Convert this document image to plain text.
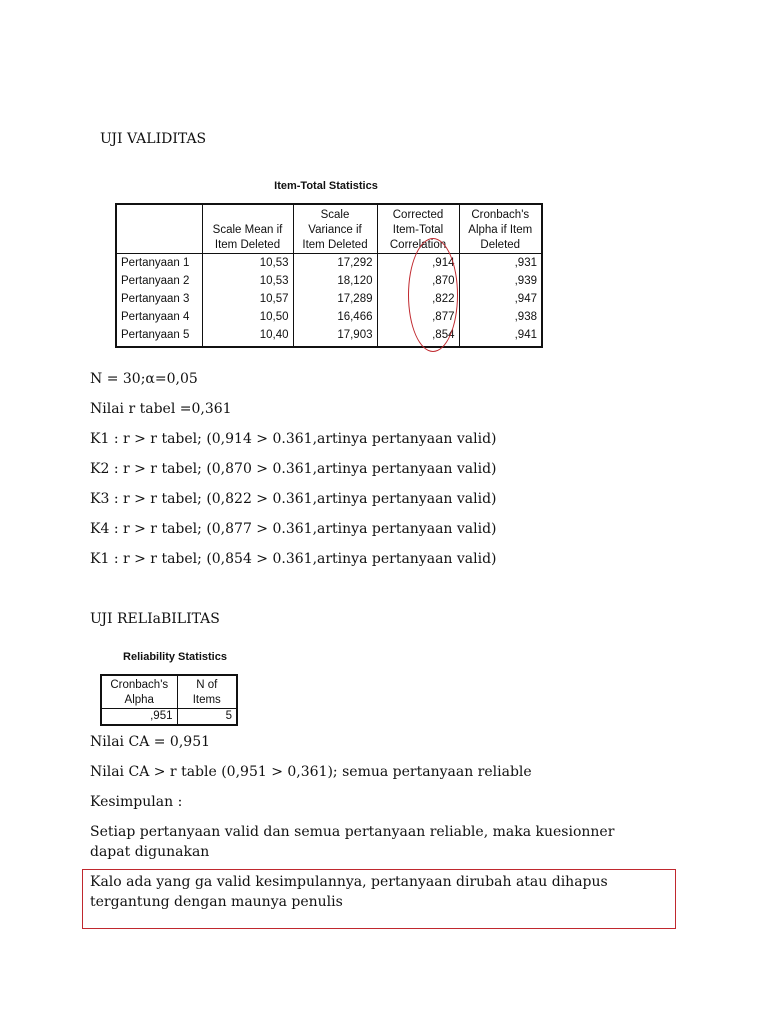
UJI VALIDITAS
Item-Total Statistics
	Scale Mean if
Item Deleted	Scale
Variance if
Item Deleted	Corrected
Item-Total
Correlation	Cronbach's
Alpha if Item
Deleted
Pertanyaan 1	10,53	17,292	,914	,931
Pertanyaan 2	10,53	18,120	,870	,939
Pertanyaan 3	10,57	17,289	,822	,947
Pertanyaan 4	10,50	16,466	,877	,938
Pertanyaan 5	10,40	17,903	,854	,941
N = 30;α=0,05
Nilai r tabel =0,361
K1 : r > r tabel; (0,914 > 0.361,artinya pertanyaan valid)
K2 : r > r tabel; (0,870 > 0.361,artinya pertanyaan valid)
K3 : r > r tabel; (0,822 > 0.361,artinya pertanyaan valid)
K4 : r > r tabel; (0,877 > 0.361,artinya pertanyaan valid)
K1 : r > r tabel; (0,854 > 0.361,artinya pertanyaan valid)
UJI RELIaBILITAS
Reliability Statistics
Cronbach's
Alpha	N of Items
,951	5
Nilai CA = 0,951
Nilai CA > r table (0,951 > 0,361); semua pertanyaan reliable
Kesimpulan :
Setiap pertanyaan valid dan semua pertanyaan reliable, maka kuesionner
dapat digunakan
Kalo ada yang ga valid kesimpulannya, pertanyaan dirubah atau dihapus
tergantung dengan maunya penulis
